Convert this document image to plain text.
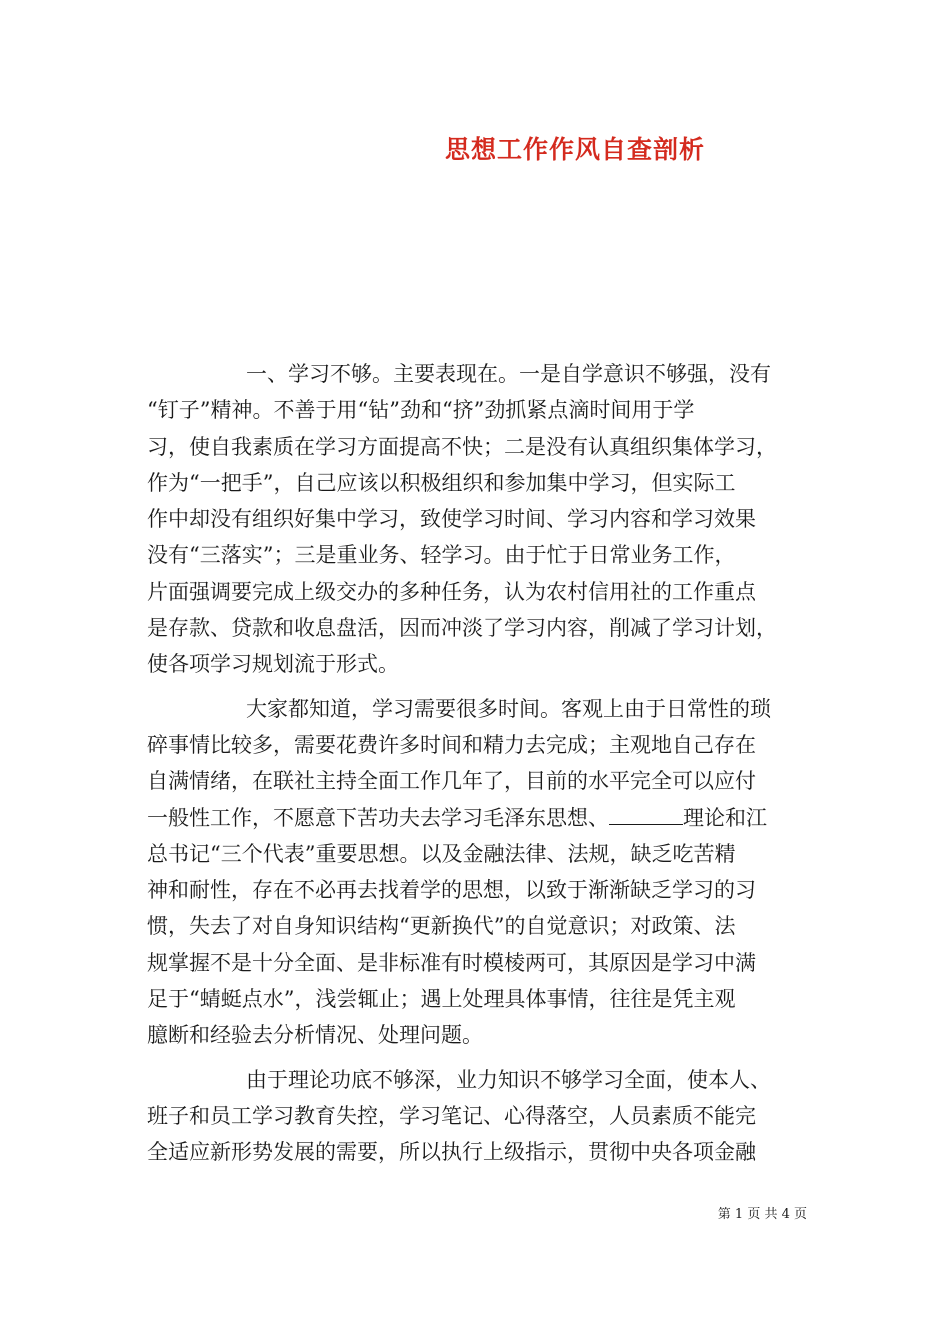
思想工作作风自查剖析
一、学习不够。主要表现在。一是自学意识不够强，没有
“钉子”精神。不善于用“钻”劲和“挤”劲抓紧点滴时间用于学
习，使自我素质在学习方面提高不快；二是没有认真组织集体学习，
作为“一把手”，自己应该以积极组织和参加集中学习，但实际工
作中却没有组织好集中学习，致使学习时间、学习内容和学习效果
没有“三落实”；三是重业务、轻学习。由于忙于日常业务工作，
片面强调要完成上级交办的多种任务，认为农村信用社的工作重点
是存款、贷款和收息盘活，因而冲淡了学习内容，削减了学习计划，
使各项学习规划流于形式。
大家都知道，学习需要很多时间。客观上由于日常性的琐
碎事情比较多，需要花费许多时间和精力去完成；主观地自己存在
自满情绪，在联社主持全面工作几年了，目前的水平完全可以应付
一般性工作，不愿意下苦功夫去学习毛泽东思想、	理论和江
总书记“三个代表”重要思想。以及金融法律、法规，缺乏吃苦精
神和耐性，存在不必再去找着学的思想，以致于渐渐缺乏学习的习
惯，失去了对自身知识结构“更新换代”的自觉意识；对政策、法
规掌握不是十分全面、是非标准有时模棱两可，其原因是学习中满
足于“蜻蜓点水”，浅尝辄止；遇上处理具体事情，往往是凭主观
臆断和经验去分析情况、处理问题。
由于理论功底不够深，业力知识不够学习全面，使本人、
班子和员工学习教育失控，学习笔记、心得落空，人员素质不能完
全适应新形势发展的需要，所以执行上级指示，贯彻中央各项金融
第 1 页 共 4 页
